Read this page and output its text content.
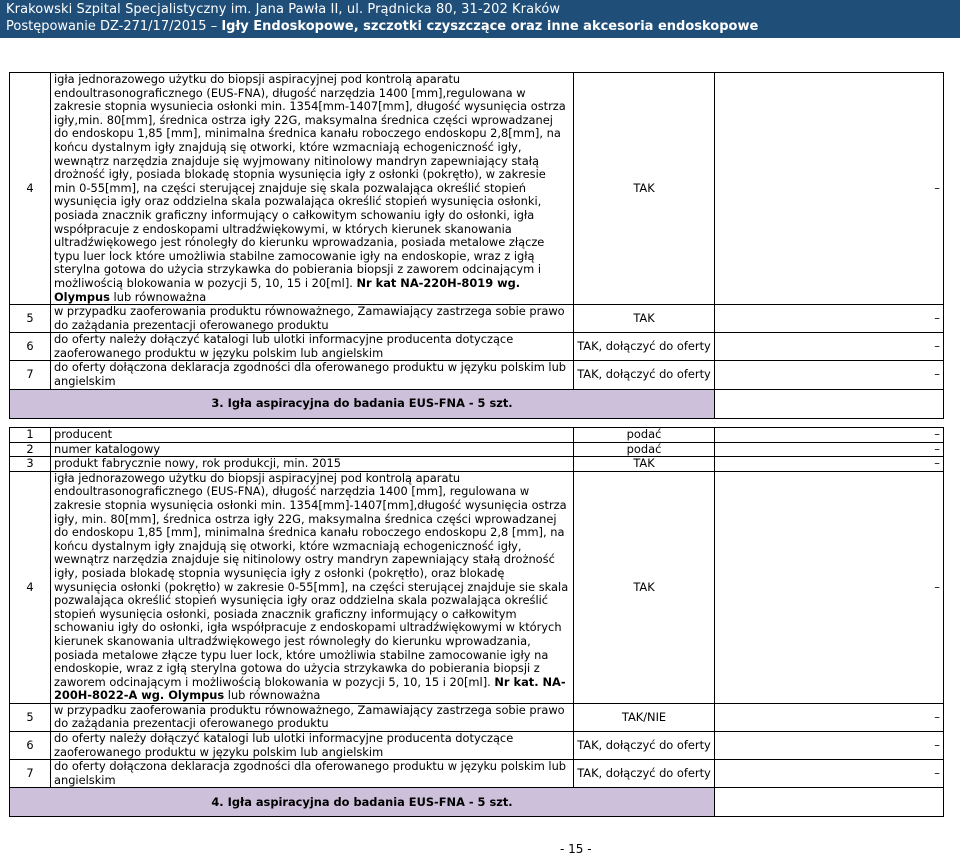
Krakowski Szpital Specjalistyczny im. Jana Pawła II, ul. Prądnicka 80, 31-202 Kraków
Postępowanie DZ-271/17/2015 – Igły Endoskopowe, szczotki czyszczące oraz inne akcesoria endoskopowe
4	igła jednorazowego użytku do biopsji aspiracyjnej pod kontrolą aparatu endoultrasonograficznego (EUS-FNA), długość narzędzia 1400 [mm],regulowana w zakresie stopnia wysuniecia osłonki min. 1354[mm-1407[mm], długość wysunięcia ostrza igły,min. 80[mm], średnica ostrza igły 22G, maksymalna średnica części wprowadzanej do endoskopu 1,85 [mm], minimalna średnica kanału roboczego endoskopu 2,8[mm], na końcu dystalnym igły znajdują się otworki, które wzmacniają echogeniczność igły, wewnątrz narzędzia znajduje się wyjmowany nitinolowy mandryn zapewniający stałą drożność igły, posiada blokadę stopnia wysunięcia igły z osłonki (pokrętło), w zakresie min 0-55[mm], na części sterującej znajduje się skala pozwalająca określić stopień wysunięcia igły oraz oddzielna skala pozwalająca określić stopień wysunięcia osłonki, posiada znacznik graficzny informujący o całkowitym schowaniu igły do osłonki, igła współpracuje z endoskopami ultradźwiękowymi, w których kierunek skanowania ultradźwiękowego jest rónoległy do kierunku wprowadzania, posiada metalowe złącze typu luer lock które umożliwia stabilne zamocowanie igły na endoskopie, wraz z igłą sterylna gotowa do użycia strzykawka do pobierania biopsji z zaworem odcinającym i możliwością blokowania w pozycji 5, 10, 15 i 20[ml]. Nr kat NA-220H-8019 wg. Olympus lub równoważna	TAK	–
5	w przypadku zaoferowania produktu równoważnego, Zamawiający zastrzega sobie prawo do zażądania prezentacji oferowanego produktu	TAK	–
6	do oferty należy dołączyć katalogi lub ulotki informacyjne producenta dotyczące zaoferowanego produktu w języku polskim lub angielskim	TAK, dołączyć do oferty	–
7	do oferty dołączona deklaracja zgodności dla oferowanego produktu w języku polskim lub angielskim	TAK, dołączyć do oferty	–
3. Igła aspiracyjna do badania EUS-FNA - 5 szt.			
1	producent	podać	–
2	numer katalogowy	podać	–
3	produkt fabrycznie nowy, rok produkcji, min. 2015	TAK	–
4	igła jednorazowego użytku do biopsji aspiracyjnej pod kontrolą aparatu endoultrasonograficznego (EUS-FNA), długość narzędzia 1400 [mm], regulowana w zakresie stopnia wysunięcia osłonki min. 1354[mm]-1407[mm],długość wysunięcia ostrza igły, min. 80[mm], średnica ostrza igły 22G, maksymalna średnica części wprowadzanej do endoskopu 1,85 [mm], minimalna średnica kanału roboczego endoskopu 2,8 [mm], na końcu dystalnym igły znajdują się otworki, które wzmacniają echogeniczność igły, wewnątrz narzędzia znajduje się nitinolowy ostry mandryn zapewniający stałą drożność igły, posiada blokadę stopnia wysunięcia igły z osłonki (pokrętło), oraz blokadę wysunięcia osłonki (pokrętło) w zakresie 0-55[mm], na części sterującej znajduje sie skala pozwalająca określić stopień wysunięcia igły oraz oddzielna skala pozwalająca określić stopień wysunięcia osłonki, posiada znacznik graficzny informujący o całkowitym schowaniu igły do osłonki, igła współpracuje z endoskopami ultradźwiękowymi w których kierunek skanowania ultradźwiękowego jest równoległy do kierunku wprowadzania, posiada metalowe złącze typu luer lock, które umożliwia stabilne zamocowanie igły na endoskopie, wraz z igłą sterylna gotowa do użycia strzykawka do pobierania biopsji z zaworem odcinającym i możliwością blokowania w pozycji 5, 10, 15 i 20[ml]. Nr kat. NA-200H-8022-A wg. Olympus lub równoważna	TAK	–
5	w przypadku zaoferowania produktu równoważnego, Zamawiający zastrzega sobie prawo do zażądania prezentacji oferowanego produktu	TAK/NIE	–
6	do oferty należy dołączyć katalogi lub ulotki informacyjne producenta dotyczące zaoferowanego produktu w języku polskim lub angielskim	TAK, dołączyć do oferty	–
7	do oferty dołączona deklaracja zgodności dla oferowanego produktu w języku polskim lub angielskim	TAK, dołączyć do oferty	–
4. Igła aspiracyjna do badania EUS-FNA - 5 szt.			
- 15 -
